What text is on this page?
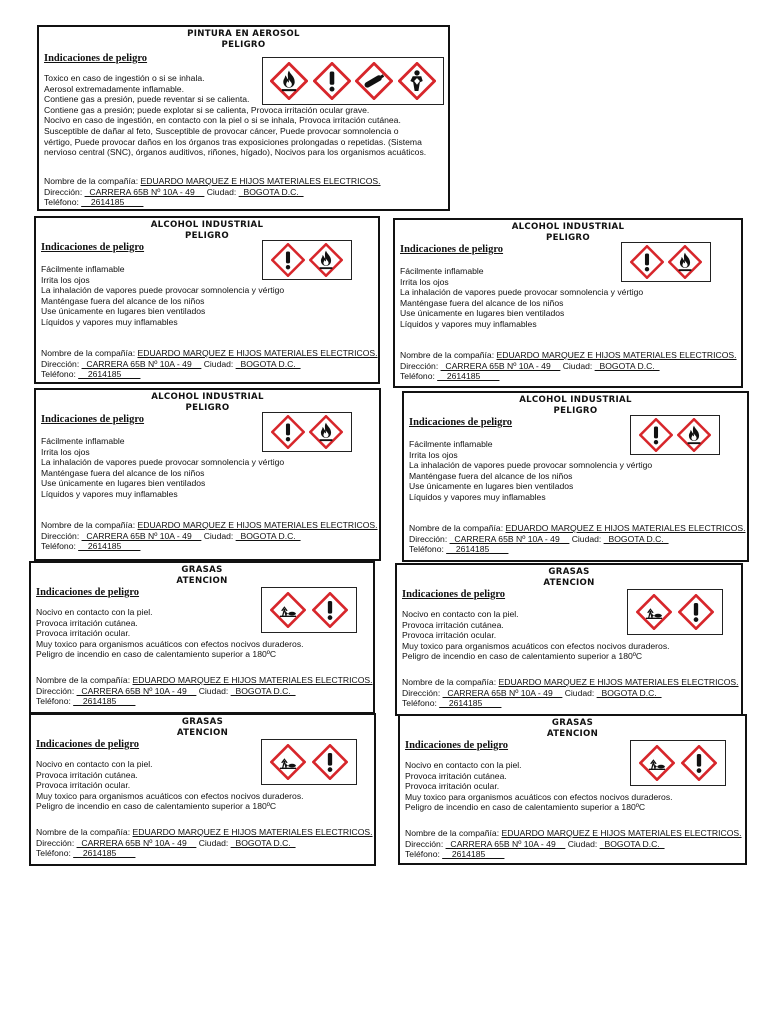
PINTURA EN AEROSOL
PELIGRO
Indicaciones de peligro
Toxico en caso de ingestión o si se inhala.
Aerosol extremadamente inflamable.
Contiene gas a presión, puede reventar si se calienta.
Contiene gas a presión; puede explotar si se calienta, Provoca irritación ocular grave.
Nocivo en caso de ingestión, en contacto con la piel o si se inhala, Provoca irritación cutánea.
Susceptible de dañar al feto, Susceptible de provocar cáncer, Puede provocar somnolencia o
vértigo, Puede provocar daños en los órganos tras exposiciones prolongadas o repetidas. (Sistema
nervioso central (SNC), órganos auditivos, riñones, hígado), Nocivos para los organismos acuáticos.
Nombre de la compañía: EDUARDO MARQUEZ E HIJOS MATERIALES ELECTRICOS.
Dirección: _CARRERA 65B Nº 10A - 49__ Ciudad: _BOGOTA D.C._
Teléfono: __2614185____
ALCOHOL INDUSTRIAL
PELIGRO
Indicaciones de peligro
Fácilmente inflamable
Irrita los ojos
La inhalación de vapores puede provocar somnolencia y vértigo
Manténgase fuera del alcance de los niños
Use únicamente en lugares bien ventilados
Líquidos y vapores muy inflamables
Nombre de la compañía: EDUARDO MARQUEZ E HIJOS MATERIALES ELECTRICOS.
Dirección: _CARRERA 65B Nº 10A - 49__ Ciudad: _BOGOTA D.C._
Teléfono: __2614185____
ALCOHOL INDUSTRIAL
PELIGRO
Indicaciones de peligro
Fácilmente inflamable
Irrita los ojos
La inhalación de vapores puede provocar somnolencia y vértigo
Manténgase fuera del alcance de los niños
Use únicamente en lugares bien ventilados
Líquidos y vapores muy inflamables
Nombre de la compañía: EDUARDO MARQUEZ E HIJOS MATERIALES ELECTRICOS.
Dirección: _CARRERA 65B Nº 10A - 49__ Ciudad: _BOGOTA D.C._
Teléfono: __2614185____
ALCOHOL INDUSTRIAL
PELIGRO
Indicaciones de peligro
Fácilmente inflamable
Irrita los ojos
La inhalación de vapores puede provocar somnolencia y vértigo
Manténgase fuera del alcance de los niños
Use únicamente en lugares bien ventilados
Líquidos y vapores muy inflamables
Nombre de la compañía: EDUARDO MARQUEZ E HIJOS MATERIALES ELECTRICOS.
Dirección: _CARRERA 65B Nº 10A - 49__ Ciudad: _BOGOTA D.C._
Teléfono: __2614185____
ALCOHOL INDUSTRIAL
PELIGRO
Indicaciones de peligro
Fácilmente inflamable
Irrita los ojos
La inhalación de vapores puede provocar somnolencia y vértigo
Manténgase fuera del alcance de los niños
Use únicamente en lugares bien ventilados
Líquidos y vapores muy inflamables
Nombre de la compañía: EDUARDO MARQUEZ E HIJOS MATERIALES ELECTRICOS.
Dirección: _CARRERA 65B Nº 10A - 49__ Ciudad: _BOGOTA D.C._
Teléfono: __2614185____
GRASAS
ATENCION
Indicaciones de peligro
Nocivo en contacto con la piel.
Provoca irritación cutánea.
Provoca irritación ocular.
Muy toxico para organismos acuáticos con efectos nocivos duraderos.
Peligro de incendio en caso de calentamiento superior a 180ºC
Nombre de la compañía: EDUARDO MARQUEZ E HIJOS MATERIALES ELECTRICOS.
Dirección: _CARRERA 65B Nº 10A - 49__ Ciudad: _BOGOTA D.C._
Teléfono: __2614185____
GRASAS
ATENCION
Indicaciones de peligro
Nocivo en contacto con la piel.
Provoca irritación cutánea.
Provoca irritación ocular.
Muy toxico para organismos acuáticos con efectos nocivos duraderos.
Peligro de incendio en caso de calentamiento superior a 180ºC
Nombre de la compañía: EDUARDO MARQUEZ E HIJOS MATERIALES ELECTRICOS.
Dirección: _CARRERA 65B Nº 10A - 49__ Ciudad: _BOGOTA D.C._
Teléfono: __2614185____
GRASAS
ATENCION
Indicaciones de peligro
Nocivo en contacto con la piel.
Provoca irritación cutánea.
Provoca irritación ocular.
Muy toxico para organismos acuáticos con efectos nocivos duraderos.
Peligro de incendio en caso de calentamiento superior a 180ºC
Nombre de la compañía: EDUARDO MARQUEZ E HIJOS MATERIALES ELECTRICOS.
Dirección: _CARRERA 65B Nº 10A - 49__ Ciudad: _BOGOTA D.C._
Teléfono: __2614185____
GRASAS
ATENCION
Indicaciones de peligro
Nocivo en contacto con la piel.
Provoca irritación cutánea.
Provoca irritación ocular.
Muy toxico para organismos acuáticos con efectos nocivos duraderos.
Peligro de incendio en caso de calentamiento superior a 180ºC
Nombre de la compañía: EDUARDO MARQUEZ E HIJOS MATERIALES ELECTRICOS.
Dirección: _CARRERA 65B Nº 10A - 49__ Ciudad: _BOGOTA D.C._
Teléfono: __2614185____
